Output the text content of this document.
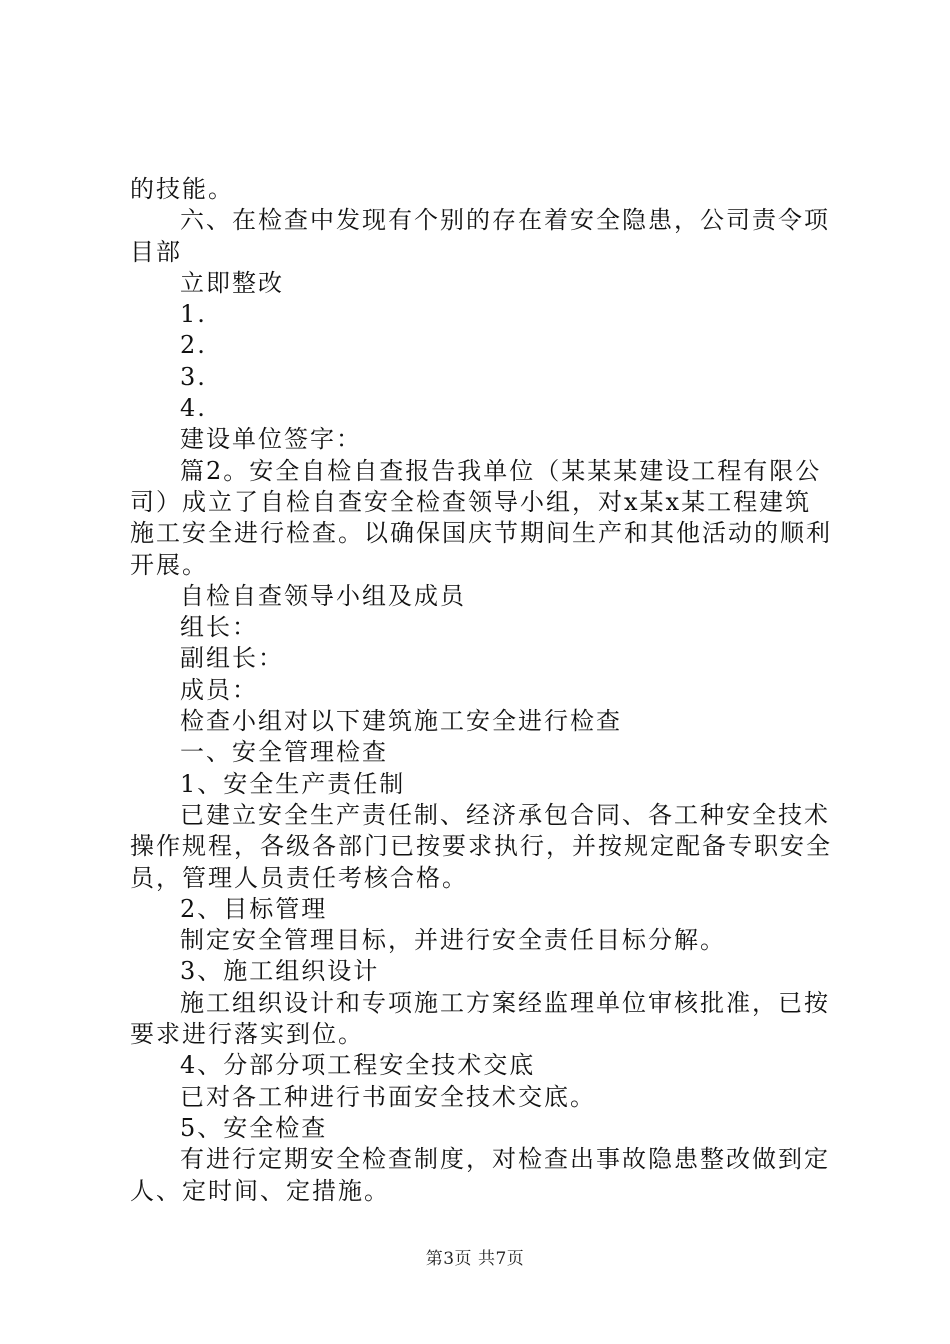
的技能。
六、在检查中发现有个别的存在着安全隐患，公司责令项
目部
立即整改
1.
2.
3.
4.
建设单位签字：
篇2。安全自检自查报告我单位（某某某建设工程有限公
司）成立了自检自查安全检查领导小组，对x某x某工程建筑
施工安全进行检查。以确保国庆节期间生产和其他活动的顺利
开展。
自检自查领导小组及成员
组长：
副组长：
成员：
检查小组对以下建筑施工安全进行检查
一、安全管理检查
1、安全生产责任制
已建立安全生产责任制、经济承包合同、各工种安全技术
操作规程，各级各部门已按要求执行，并按规定配备专职安全
员，管理人员责任考核合格。
2、目标管理
制定安全管理目标，并进行安全责任目标分解。
3、施工组织设计
施工组织设计和专项施工方案经监理单位审核批准，已按
要求进行落实到位。
4、分部分项工程安全技术交底
已对各工种进行书面安全技术交底。
5、安全检查
有进行定期安全检查制度，对检查出事故隐患整改做到定
人、定时间、定措施。
第3页 共7页
